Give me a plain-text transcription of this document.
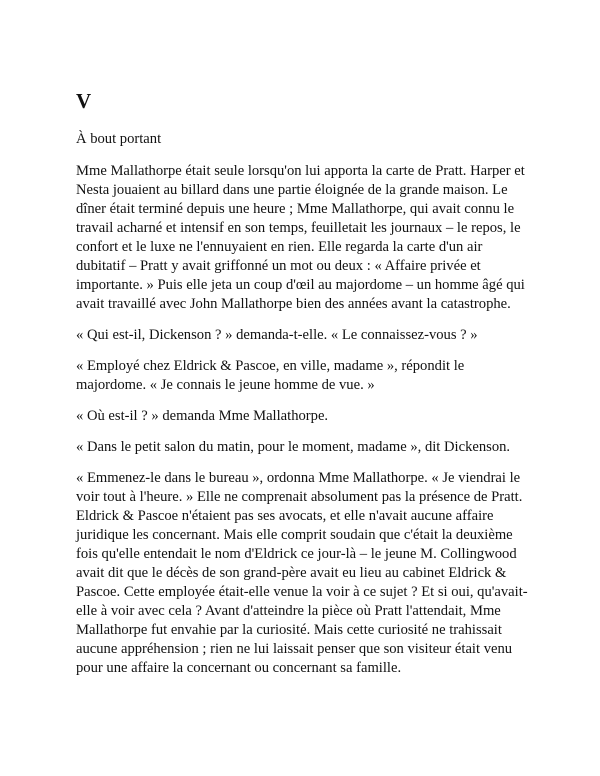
V
À bout portant

Mme Mallathorpe était seule lorsqu'on lui apporta la carte de Pratt. Harper et Nesta jouaient au billard dans une partie éloignée de la grande maison. Le dîner était terminé depuis une heure ; Mme Mallathorpe, qui avait connu le travail acharné et intensif en son temps, feuilletait les journaux – le repos, le confort et le luxe ne l'ennuyaient en rien. Elle regarda la carte d'un air dubitatif – Pratt y avait griffonné un mot ou deux : « Affaire privée et importante. » Puis elle jeta un coup d'œil au majordome – un homme âgé qui avait travaillé avec John Mallathorpe bien des années avant la catastrophe.

« Qui est-il, Dickenson ? » demanda-t-elle. « Le connaissez-vous ? »

« Employé chez Eldrick & Pascoe, en ville, madame », répondit le majordome. « Je connais le jeune homme de vue. »

« Où est-il ? » demanda Mme Mallathorpe.

« Dans le petit salon du matin, pour le moment, madame », dit Dickenson.

« Emmenez-le dans le bureau », ordonna Mme Mallathorpe. « Je viendrai le voir tout à l'heure. » Elle ne comprenait absolument pas la présence de Pratt. Eldrick & Pascoe n'étaient pas ses avocats, et elle n'avait aucune affaire juridique les concernant. Mais elle comprit soudain que c'était la deuxième fois qu'elle entendait le nom d'Eldrick ce jour-là – le jeune M. Collingwood avait dit que le décès de son grand-père avait eu lieu au cabinet Eldrick & Pascoe. Cette employée était-elle venue la voir à ce sujet ? Et si oui, qu'avait-elle à voir avec cela ? Avant d'atteindre la pièce où Pratt l'attendait, Mme Mallathorpe fut envahie par la curiosité. Mais cette curiosité ne trahissait aucune appréhension ; rien ne lui laissait penser que son visiteur était venu pour une affaire la concernant ou concernant sa famille.
